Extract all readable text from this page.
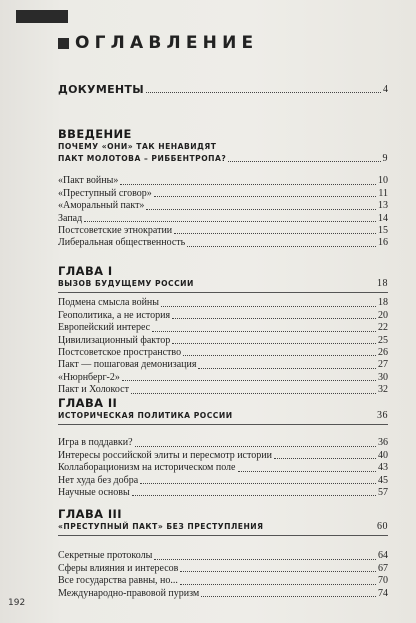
ОГЛАВЛЕНИЕ
ДОКУМЕНТЫ	4
ВВЕДЕНИЕ
ПОЧЕМУ «ОНИ» ТАК НЕНАВИДЯТ
ПАКТ МОЛОТОВА – РИББЕНТРОПА?	9
«Пакт войны»	10
«Преступный сговор»	11
«Аморальный пакт»	13
Запад	14
Постсоветские этнократии	15
Либеральная общественность	16
ГЛАВА I
ВЫЗОВ БУДУЩЕМУ РОССИИ	18
Подмена смысла войны	18
Геополитика, а не история	20
Европейский интерес	22
Цивилизационный фактор	25
Постсоветское пространство	26
Пакт — пошаговая демонизация	27
«Нюрнберг-2»	30
Пакт и Холокост	32
ГЛАВА II
ИСТОРИЧЕСКАЯ ПОЛИТИКА РОССИИ	36
Игра в поддавки?	36
Интересы российской элиты и пересмотр истории	40
Коллаборационизм на историческом поле	43
Нет худа без добра	45
Научные основы	57
ГЛАВА III
«ПРЕСТУПНЫЙ ПАКТ» БЕЗ ПРЕСТУПЛЕНИЯ	60
Секретные протоколы	64
Сферы влияния и интересов	67
Все государства равны, но...	70
Международно-правовой пуризм	74
192
